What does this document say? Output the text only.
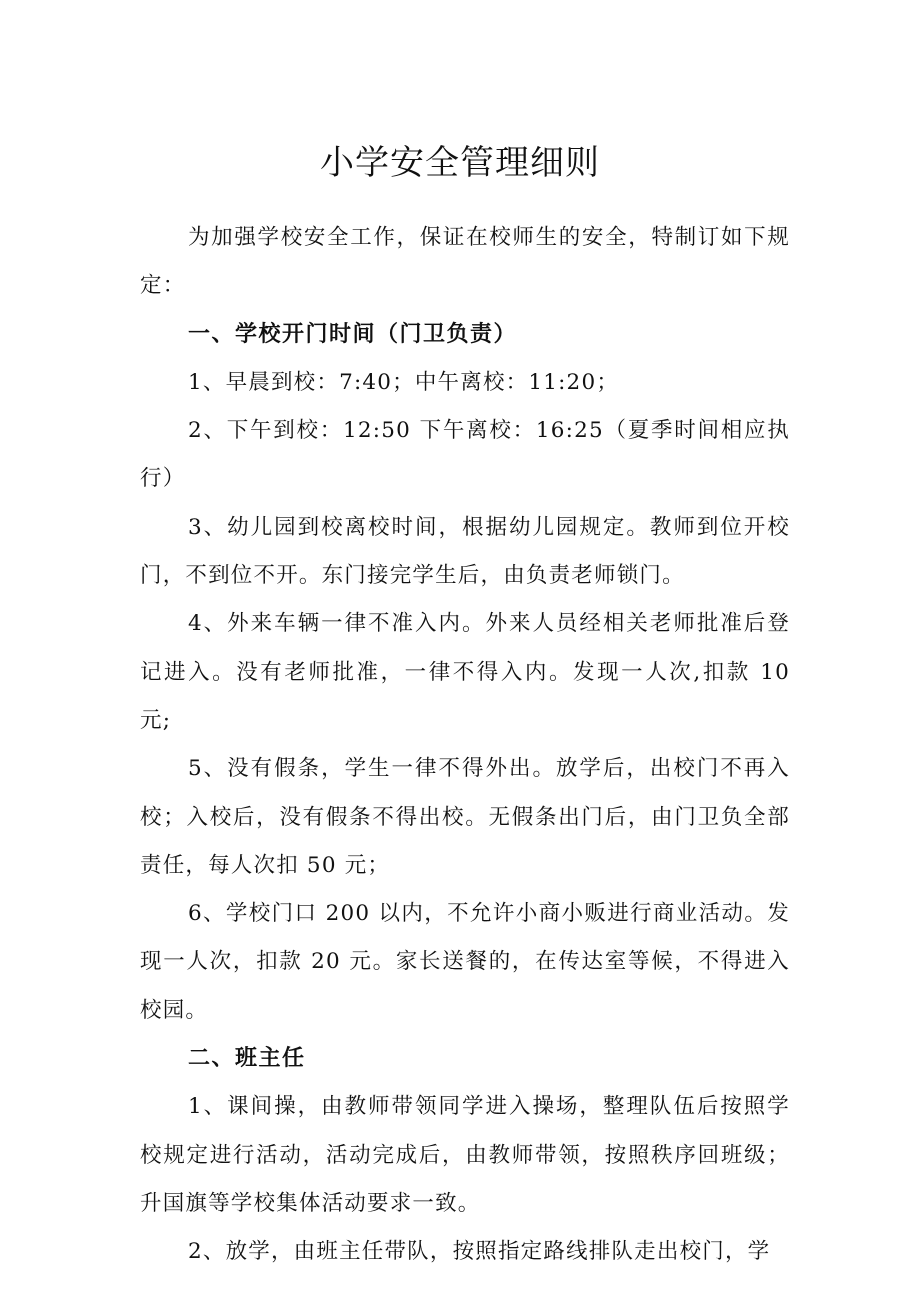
小学安全管理细则

为加强学校安全工作，保证在校师生的安全，特制订如下规定：

一、学校开门时间（门卫负责）

1、早晨到校：7:40；中午离校：11:20；

2、下午到校：12:50 下午离校：16:25（夏季时间相应执行）

3、幼儿园到校离校时间，根据幼儿园规定。教师到位开校门，不到位不开。东门接完学生后，由负责老师锁门。

4、外来车辆一律不准入内。外来人员经相关老师批准后登记进入。没有老师批准，一律不得入内。发现一人次,扣款 10 元;

5、没有假条，学生一律不得外出。放学后，出校门不再入校；入校后，没有假条不得出校。无假条出门后，由门卫负全部责任，每人次扣 50 元；

6、学校门口 200 以内，不允许小商小贩进行商业活动。发现一人次，扣款 20 元。家长送餐的，在传达室等候，不得进入校园。

二、班主任

1、课间操，由教师带领同学进入操场，整理队伍后按照学校规定进行活动，活动完成后，由教师带领，按照秩序回班级；升国旗等学校集体活动要求一致。

2、放学，由班主任带队，按照指定路线排队走出校门，学
